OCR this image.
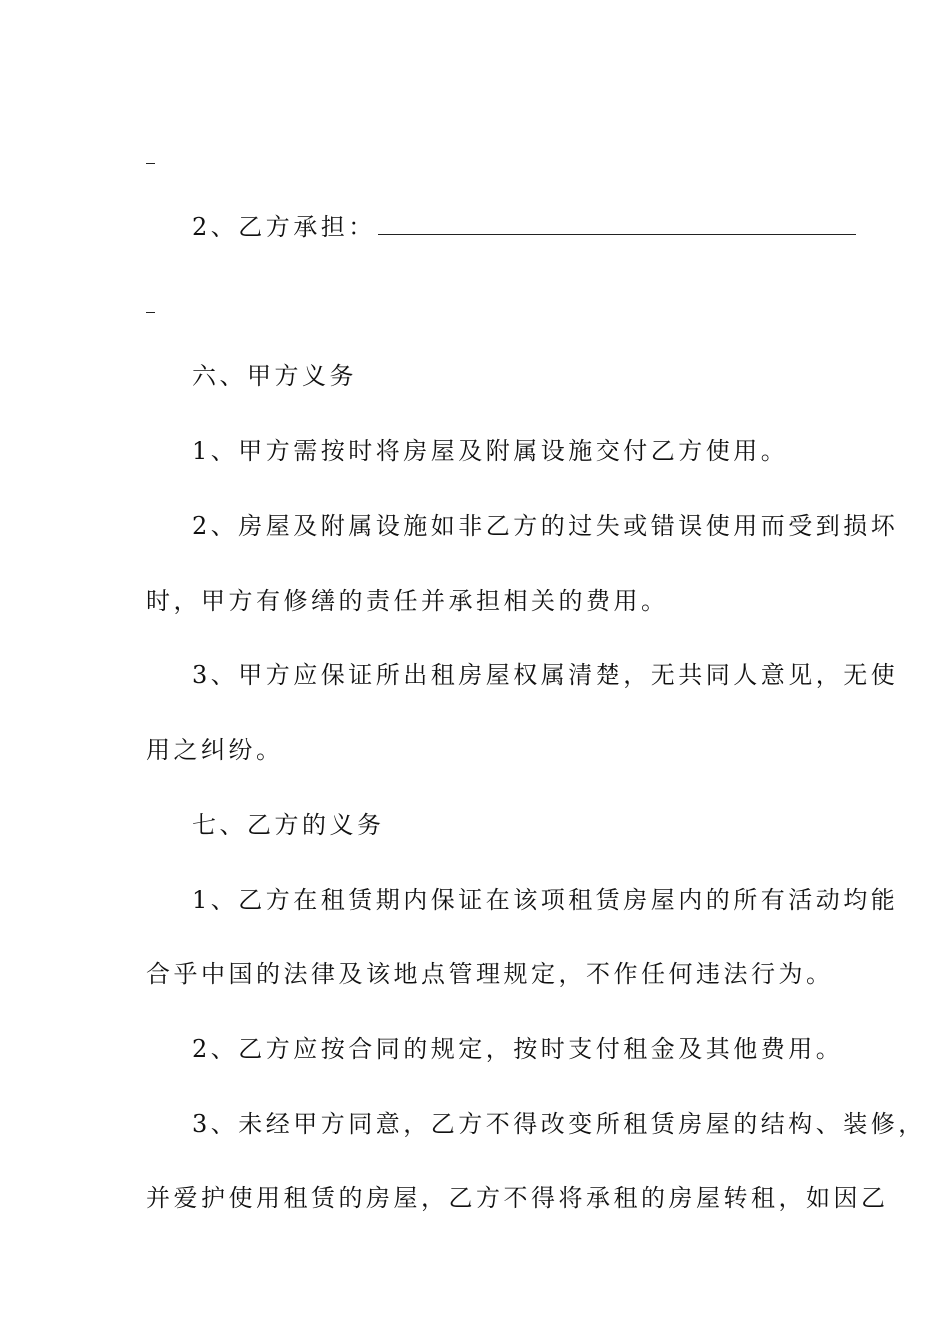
2、乙方承担：
六、甲方义务
1、甲方需按时将房屋及附属设施交付乙方使用。
2、房屋及附属设施如非乙方的过失或错误使用而受到损坏
时，甲方有修缮的责任并承担相关的费用。
3、甲方应保证所出租房屋权属清楚，无共同人意见，无使
用之纠纷。
七、乙方的义务
1、乙方在租赁期内保证在该项租赁房屋内的所有活动均能
合乎中国的法律及该地点管理规定，不作任何违法行为。
2、乙方应按合同的规定，按时支付租金及其他费用。
3、未经甲方同意，乙方不得改变所租赁房屋的结构、装修，
并爱护使用租赁的房屋，乙方不得将承租的房屋转租，如因乙
